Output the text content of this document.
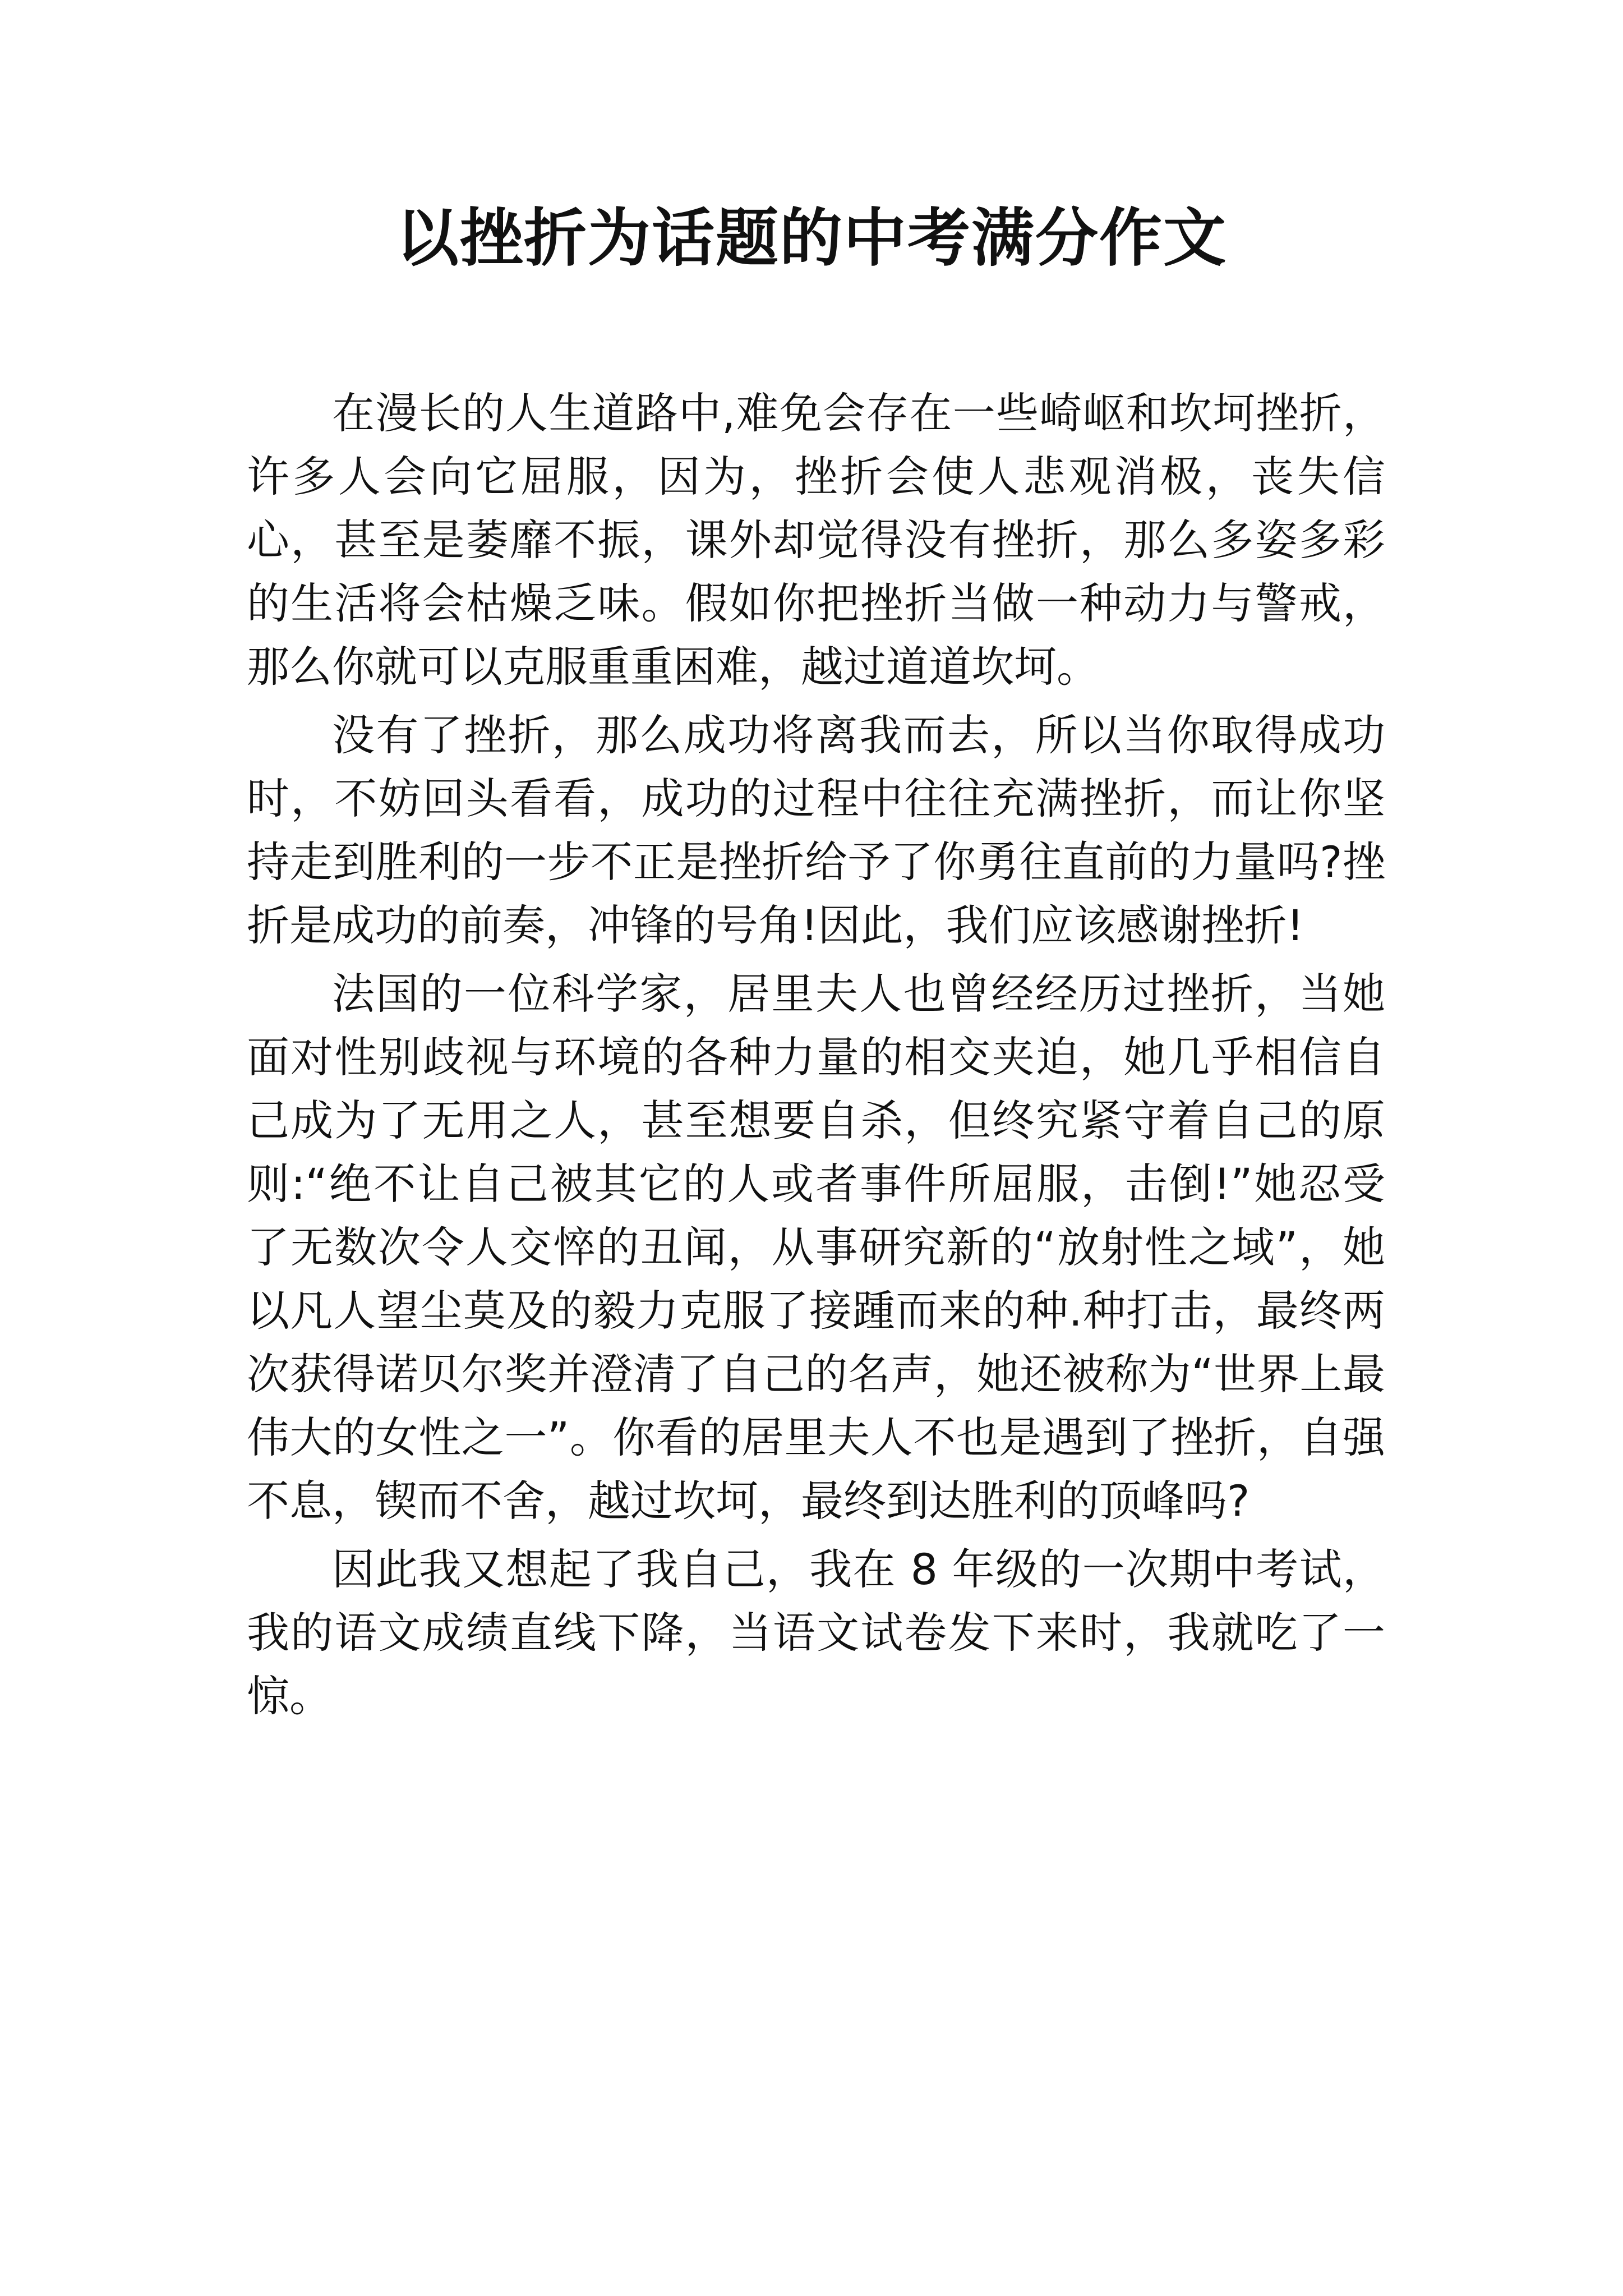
以挫折为话题的中考满分作文

在漫长的人生道路中,难免会存在一些崎岖和坎坷挫折，许多人会向它屈服，因为，挫折会使人悲观消极，丧失信心，甚至是萎靡不振，课外却觉得没有挫折，那么多姿多彩的生活将会枯燥乏味。假如你把挫折当做一种动力与警戒，那么你就可以克服重重困难，越过道道坎坷。

没有了挫折，那么成功将离我而去，所以当你取得成功时，不妨回头看看，成功的过程中往往充满挫折，而让你坚持走到胜利的一步不正是挫折给予了你勇往直前的力量吗?挫折是成功的前奏，冲锋的号角!因此，我们应该感谢挫折!

法国的一位科学家，居里夫人也曾经经历过挫折，当她面对性别歧视与环境的各种力量的相交夹迫，她几乎相信自己成为了无用之人，甚至想要自杀，但终究紧守着自己的原则:“绝不让自己被其它的人或者事件所屈服，击倒!”她忍受了无数次令人交悴的丑闻，从事研究新的“放射性之域”，她以凡人望尘莫及的毅力克服了接踵而来的种.种打击，最终两次获得诺贝尔奖并澄清了自己的名声，她还被称为“世界上最伟大的女性之一”。你看的居里夫人不也是遇到了挫折，自强不息，锲而不舍，越过坎坷，最终到达胜利的顶峰吗?

因此我又想起了我自己，我在 8 年级的一次期中考试，我的语文成绩直线下降，当语文试卷发下来时，我就吃了一惊。
